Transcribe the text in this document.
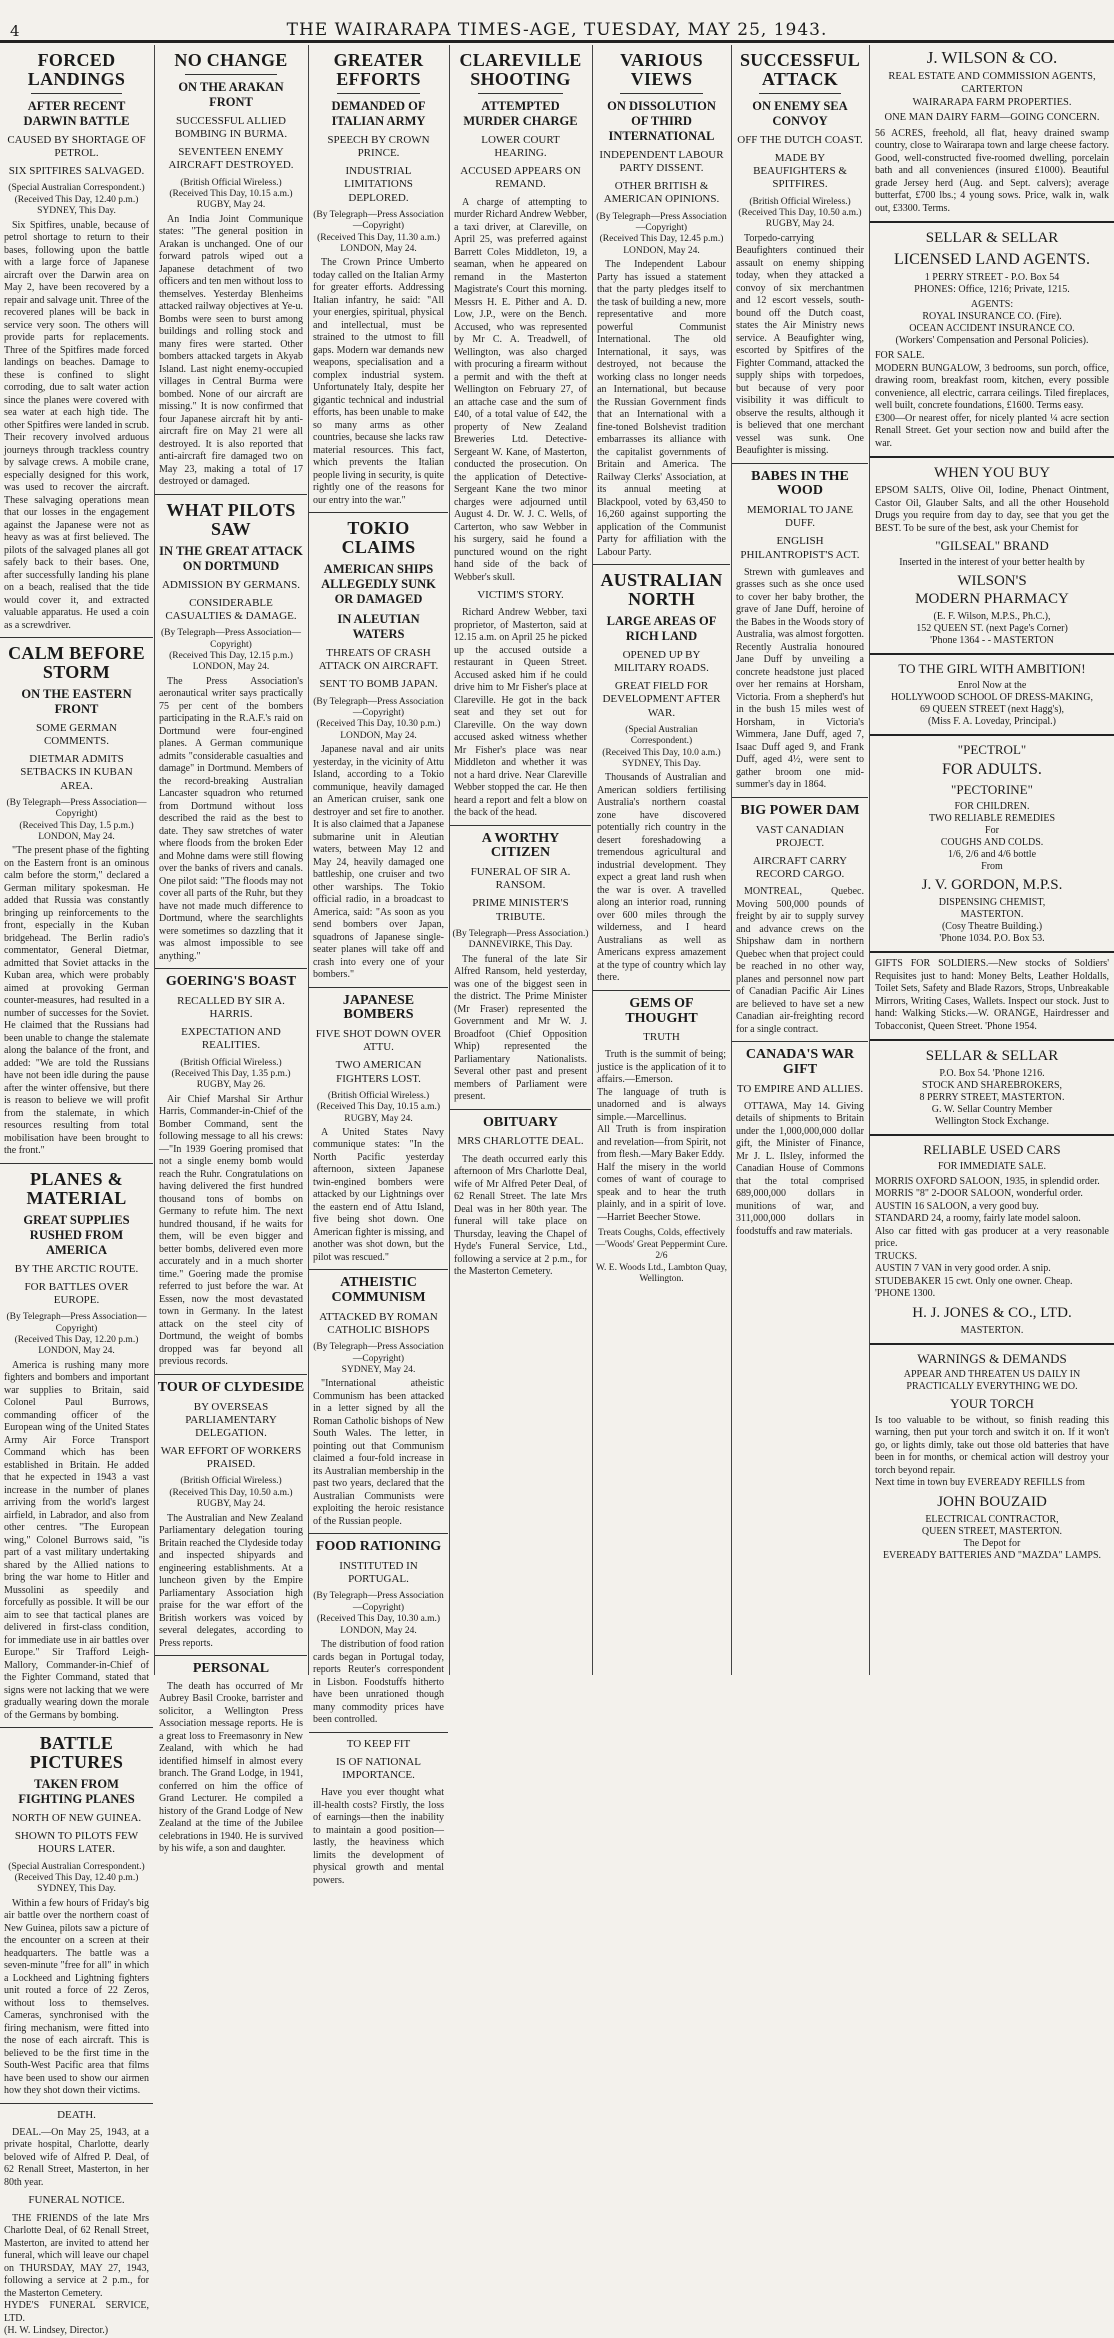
4	THE WAIRARAPA TIMES-AGE, TUESDAY, MAY 25, 1943.
FORCED LANDINGS
AFTER RECENT DARWIN BATTLE
CAUSED BY SHORTAGE OF PETROL.
SIX SPITFIRES SALVAGED.
(Special Australian Correspondent.)
(Received This Day, 12.40 p.m.)
SYDNEY, This Day.
Six Spitfires, unable, because of petrol shortage to return to their bases, following upon the battle with a large force of Japanese aircraft over the Darwin area on May 2, have been recovered by a repair and salvage unit. Three of the recovered planes will be back in service very soon. The others will provide parts for replacements. Three of the Spitfires made forced landings on beaches. Damage to these is confined to slight corroding, due to salt water action since the planes were covered with sea water at each high tide. The other Spitfires were landed in scrub. Their recovery involved arduous journeys through trackless country by salvage crews. A mobile crane, especially designed for this work, was used to recover the aircraft. These salvaging operations mean that our losses in the engagement against the Japanese were not as heavy as was at first believed. The pilots of the salvaged planes all got safely back to their bases. One, after successfully landing his plane on a beach, realised that the tide would cover it, and extracted valuable apparatus. He used a coin as a screwdriver.
CALM BEFORE STORM
ON THE EASTERN FRONT
SOME GERMAN COMMENTS.
DIETMAR ADMITS SETBACKS IN KUBAN AREA.
(By Telegraph—Press Association—Copyright)
(Received This Day, 1.5 p.m.)
LONDON, May 24.
"The present phase of the fighting on the Eastern front is an ominous calm before the storm," declared a German military spokesman. He added that Russia was constantly bringing up reinforcements to the front, especially in the Kuban bridgehead. The Berlin radio's commentator, General Dietmar, admitted that Soviet attacks in the Kuban area, which were probably aimed at provoking German counter-measures, had resulted in a number of successes for the Soviet. He claimed that the Russians had been unable to change the stalemate along the balance of the front, and added: "We are told the Russians have not been idle during the pause after the winter offensive, but there is reason to believe we will profit from the stalemate, in which resources resulting from total mobilisation have been brought to the front."
PLANES & MATERIAL
GREAT SUPPLIES RUSHED FROM AMERICA
BY THE ARCTIC ROUTE.
FOR BATTLES OVER EUROPE.
(By Telegraph—Press Association—Copyright)
(Received This Day, 12.20 p.m.)
LONDON, May 24.
America is rushing many more fighters and bombers and important war supplies to Britain, said Colonel Paul Burrows, commanding officer of the European wing of the United States Army Air Force Transport Command which has been established in Britain. He added that he expected in 1943 a vast increase in the number of planes arriving from the world's largest airfield, in Labrador, and also from other centres. "The European wing," Colonel Burrows said, "is part of a vast military undertaking shared by the Allied nations to bring the war home to Hitler and Mussolini as speedily and forcefully as possible. It will be our aim to see that tactical planes are delivered in first-class condition, for immediate use in air battles over Europe." Sir Trafford Leigh-Mallory, Commander-in-Chief of the Fighter Command, stated that signs were not lacking that we were gradually wearing down the morale of the Germans by bombing.
BATTLE PICTURES
TAKEN FROM FIGHTING PLANES
NORTH OF NEW GUINEA.
SHOWN TO PILOTS FEW HOURS LATER.
(Special Australian Correspondent.)
(Received This Day, 12.40 p.m.)
SYDNEY, This Day.
Within a few hours of Friday's big air battle over the northern coast of New Guinea, pilots saw a picture of the encounter on a screen at their headquarters. The battle was a seven-minute "free for all" in which a Lockheed and Lightning fighters unit routed a force of 22 Zeros, without loss to themselves. Cameras, synchronised with the firing mechanism, were fitted into the nose of each aircraft. This is believed to be the first time in the South-West Pacific area that films have been used to show our airmen how they shot down their victims.
DEATH.
DEAL.—On May 25, 1943, at a private hospital, Charlotte, dearly beloved wife of Alfred P. Deal, of 62 Renall Street, Masterton, in her 80th year.
FUNERAL NOTICE.
THE FRIENDS of the late Mrs Charlotte Deal, of 62 Renall Street, Masterton, are invited to attend her funeral, which will leave our chapel on THURSDAY, MAY 27, 1943, following a service at 2 p.m., for the Masterton Cemetery.
HYDE'S FUNERAL SERVICE, LTD.
(H. W. Lindsey, Director.)
NO CHANGE
ON THE ARAKAN FRONT
SUCCESSFUL ALLIED BOMBING IN BURMA.
SEVENTEEN ENEMY AIRCRAFT DESTROYED.
(British Official Wireless.)
(Received This Day, 10.15 a.m.)
RUGBY, May 24.
An India Joint Communique states: "The general position in Arakan is unchanged. One of our forward patrols wiped out a Japanese detachment of two officers and ten men without loss to themselves. Yesterday Blenheims attacked railway objectives at Ye-u. Bombs were seen to burst among buildings and rolling stock and many fires were started. Other bombers attacked targets in Akyab Island. Last night enemy-occupied villages in Central Burma were bombed. None of our aircraft are missing." It is now confirmed that four Japanese aircraft hit by anti-aircraft fire on May 21 were all destroyed. It is also reported that anti-aircraft fire damaged two on May 23, making a total of 17 destroyed or damaged.
WHAT PILOTS SAW
IN THE GREAT ATTACK ON DORTMUND
ADMISSION BY GERMANS.
CONSIDERABLE CASUALTIES & DAMAGE.
(By Telegraph—Press Association—Copyright)
(Received This Day, 12.15 p.m.)
LONDON, May 24.
The Press Association's aeronautical writer says practically 75 per cent of the bombers participating in the R.A.F.'s raid on Dortmund were four-engined planes. A German communique admits "considerable casualties and damage" in Dortmund. Members of the record-breaking Australian Lancaster squadron who returned from Dortmund without loss described the raid as the best to date. They saw stretches of water where floods from the broken Eder and Mohne dams were still flowing over the banks of rivers and canals. One pilot said: "The floods may not cover all parts of the Ruhr, but they have not made much difference to Dortmund, where the searchlights were sometimes so dazzling that it was almost impossible to see anything."
GOERING'S BOAST
RECALLED BY SIR A. HARRIS.
EXPECTATION AND REALITIES.
(British Official Wireless.)
(Received This Day, 1.35 p.m.)
RUGBY, May 26.
Air Chief Marshal Sir Arthur Harris, Commander-in-Chief of the Bomber Command, sent the following message to all his crews:—"In 1939 Goering promised that not a single enemy bomb would reach the Ruhr. Congratulations on having delivered the first hundred thousand tons of bombs on Germany to refute him. The next hundred thousand, if he waits for them, will be even bigger and better bombs, delivered even more accurately and in a much shorter time." Goering made the promise referred to just before the war. At Essen, now the most devastated town in Germany. In the latest attack on the steel city of Dortmund, the weight of bombs dropped was far beyond all previous records.
TOUR OF CLYDESIDE
BY OVERSEAS PARLIAMENTARY DELEGATION.
WAR EFFORT OF WORKERS PRAISED.
(British Official Wireless.)
(Received This Day, 10.50 a.m.)
RUGBY, May 24.
The Australian and New Zealand Parliamentary delegation touring Britain reached the Clydeside today and inspected shipyards and engineering establishments. At a luncheon given by the Empire Parliamentary Association high praise for the war effort of the British workers was voiced by several delegates, according to Press reports.
PERSONAL
The death has occurred of Mr Aubrey Basil Crooke, barrister and solicitor, a Wellington Press Association message reports. He is a great loss to Freemasonry in New Zealand, with which he had identified himself in almost every branch. The Grand Lodge, in 1941, conferred on him the office of Grand Lecturer. He compiled a history of the Grand Lodge of New Zealand at the time of the Jubilee celebrations in 1940. He is survived by his wife, a son and daughter.
GREATER EFFORTS
DEMANDED OF ITALIAN ARMY
SPEECH BY CROWN PRINCE.
INDUSTRIAL LIMITATIONS DEPLORED.
(By Telegraph—Press Association—Copyright)
(Received This Day, 11.30 a.m.)
LONDON, May 24.
The Crown Prince Umberto today called on the Italian Army for greater efforts. Addressing Italian infantry, he said: "All your energies, spiritual, physical and intellectual, must be strained to the utmost to fill gaps. Modern war demands new weapons, specialisation and a complex industrial system. Unfortunately Italy, despite her gigantic technical and industrial efforts, has been unable to make so many arms as other countries, because she lacks raw material resources. This fact, which prevents the Italian people living in security, is quite rightly one of the reasons for our entry into the war."
TOKIO CLAIMS
AMERICAN SHIPS ALLEGEDLY SUNK OR DAMAGED
IN ALEUTIAN WATERS
THREATS OF CRASH ATTACK ON AIRCRAFT.
SENT TO BOMB JAPAN.
(By Telegraph—Press Association—Copyright)
(Received This Day, 10.30 p.m.)
LONDON, May 24.
Japanese naval and air units yesterday, in the vicinity of Attu Island, according to a Tokio communique, heavily damaged an American cruiser, sank one destroyer and set fire to another. It is also claimed that a Japanese submarine unit in Aleutian waters, between May 12 and May 24, heavily damaged one battleship, one cruiser and two other warships. The Tokio official radio, in a broadcast to America, said: "As soon as you send bombers over Japan, squadrons of Japanese single-seater planes will take off and crash into every one of your bombers."
JAPANESE BOMBERS
FIVE SHOT DOWN OVER ATTU.
TWO AMERICAN FIGHTERS LOST.
(British Official Wireless.)
(Received This Day, 10.15 a.m.)
RUGBY, May 24.
A United States Navy communique states: "In the North Pacific yesterday afternoon, sixteen Japanese twin-engined bombers were attacked by our Lightnings over the eastern end of Attu Island, five being shot down. One American fighter is missing, and another was shot down, but the pilot was rescued."
ATHEISTIC COMMUNISM
ATTACKED BY ROMAN CATHOLIC BISHOPS
(By Telegraph—Press Association—Copyright)
SYDNEY, May 24.
"International atheistic Communism has been attacked in a letter signed by all the Roman Catholic bishops of New South Wales. The letter, in pointing out that Communism claimed a four-fold increase in its Australian membership in the past two years, declared that the Australian Communists were exploiting the heroic resistance of the Russian people.
FOOD RATIONING
INSTITUTED IN PORTUGAL.
(By Telegraph—Press Association—Copyright)
(Received This Day, 10.30 a.m.)
LONDON, May 24.
The distribution of food ration cards began in Portugal today, reports Reuter's correspondent in Lisbon. Foodstuffs hitherto have been unrationed though many commodity prices have been controlled.
TO KEEP FIT
IS OF NATIONAL IMPORTANCE.
Have you ever thought what ill-health costs? Firstly, the loss of earnings—then the inability to maintain a good position—lastly, the heaviness which limits the development of physical growth and mental powers.
CLAREVILLE SHOOTING
ATTEMPTED MURDER CHARGE
LOWER COURT HEARING.
ACCUSED APPEARS ON REMAND.
A charge of attempting to murder Richard Andrew Webber, a taxi driver, at Clareville, on April 25, was preferred against Barrett Coles Middleton, 19, a seaman, when he appeared on remand in the Masterton Magistrate's Court this morning. Messrs H. E. Pither and A. D. Low, J.P., were on the Bench. Accused, who was represented by Mr C. A. Treadwell, of Wellington, was also charged with procuring a firearm without a permit and with the theft at Wellington on February 27, of an attache case and the sum of £40, of a total value of £42, the property of New Zealand Breweries Ltd. Detective-Sergeant W. Kane, of Masterton, conducted the prosecution. On the application of Detective-Sergeant Kane the two minor charges were adjourned until August 4. Dr. W. J. C. Wells, of Carterton, who saw Webber in his surgery, said he found a punctured wound on the right hand side of the back of Webber's skull.
VICTIM'S STORY.
Richard Andrew Webber, taxi proprietor, of Masterton, said at 12.15 a.m. on April 25 he picked up the accused outside a restaurant in Queen Street. Accused asked him if he could drive him to Mr Fisher's place at Clareville. He got in the back seat and they set out for Clareville. On the way down accused asked witness whether Mr Fisher's place was near Middleton and whether it was not a hard drive. Near Clareville Webber stopped the car. He then heard a report and felt a blow on the back of the head.
A WORTHY CITIZEN
FUNERAL OF SIR A. RANSOM.
PRIME MINISTER'S TRIBUTE.
(By Telegraph—Press Association.)
DANNEVIRKE, This Day.
The funeral of the late Sir Alfred Ransom, held yesterday, was one of the biggest seen in the district. The Prime Minister (Mr Fraser) represented the Government and Mr W. J. Broadfoot (Chief Opposition Whip) represented the Parliamentary Nationalists. Several other past and present members of Parliament were present.
OBITUARY
MRS CHARLOTTE DEAL.
The death occurred early this afternoon of Mrs Charlotte Deal, wife of Mr Alfred Peter Deal, of 62 Renall Street. The late Mrs Deal was in her 80th year. The funeral will take place on Thursday, leaving the Chapel of Hyde's Funeral Service, Ltd., following a service at 2 p.m., for the Masterton Cemetery.
VARIOUS VIEWS
ON DISSOLUTION OF THIRD INTERNATIONAL
INDEPENDENT LABOUR PARTY DISSENT.
OTHER BRITISH & AMERICAN OPINIONS.
(By Telegraph—Press Association—Copyright)
(Received This Day, 12.45 p.m.)
LONDON, May 24.
The Independent Labour Party has issued a statement that the party pledges itself to the task of building a new, more representative and more powerful Communist International. The old International, it says, was destroyed, not because the working class no longer needs an International, but because the Russian Government finds that an International with a fine-toned Bolshevist tradition embarrasses its alliance with the capitalist governments of Britain and America. The Railway Clerks' Association, at its annual meeting at Blackpool, voted by 63,450 to 16,260 against supporting the application of the Communist Party for affiliation with the Labour Party.
AUSTRALIAN NORTH
LARGE AREAS OF RICH LAND
OPENED UP BY MILITARY ROADS.
GREAT FIELD FOR DEVELOPMENT AFTER WAR.
(Special Australian Correspondent.)
(Received This Day, 10.0 a.m.)
SYDNEY, This Day.
Thousands of Australian and American soldiers fertilising Australia's northern coastal zone have discovered potentially rich country in the desert foreshadowing a tremendous agricultural and industrial development. They expect a great land rush when the war is over. A travelled along an interior road, running over 600 miles through the wilderness, and I heard Australians as well as Americans express amazement at the type of country which lay there.
GEMS OF THOUGHT
TRUTH
Truth is the summit of being; justice is the application of it to affairs.—Emerson.
The language of truth is unadorned and is always simple.—Marcellinus.
All Truth is from inspiration and revelation—from Spirit, not from flesh.—Mary Baker Eddy.
Half the misery in the world comes of want of courage to speak and to hear the truth plainly, and in a spirit of love.—Harriet Beecher Stowe.
Treats Coughs, Colds, effectively—'Woods' Great Peppermint Cure. 2/6
W. E. Woods Ltd., Lambton Quay, Wellington.
SUCCESSFUL ATTACK
ON ENEMY SEA CONVOY
OFF THE DUTCH COAST.
MADE BY BEAUFIGHTERS & SPITFIRES.
(British Official Wireless.)
(Received This Day, 10.50 a.m.)
RUGBY, May 24.
Torpedo-carrying Beaufighters continued their assault on enemy shipping today, when they attacked a convoy of six merchantmen and 12 escort vessels, south-bound off the Dutch coast, states the Air Ministry news service. A Beaufighter wing, escorted by Spitfires of the Fighter Command, attacked the supply ships with torpedoes, but because of very poor visibility it was difficult to observe the results, although it is believed that one merchant vessel was sunk. One Beaufighter is missing.
BABES IN THE WOOD
MEMORIAL TO JANE DUFF.
ENGLISH PHILANTROPIST'S ACT.
Strewn with gumleaves and grasses such as she once used to cover her baby brother, the grave of Jane Duff, heroine of the Babes in the Woods story of Australia, was almost forgotten. Recently Australia honoured Jane Duff by unveiling a concrete headstone just placed over her remains at Horsham, Victoria. From a shepherd's hut in the bush 15 miles west of Horsham, in Victoria's Wimmera, Jane Duff, aged 7, Isaac Duff aged 9, and Frank Duff, aged 4½, were sent to gather broom one mid-summer's day in 1864.
BIG POWER DAM
VAST CANADIAN PROJECT.
AIRCRAFT CARRY RECORD CARGO.
MONTREAL, Quebec. Moving 500,000 pounds of freight by air to supply survey and advance crews on the Shipshaw dam in northern Quebec when that project could be reached in no other way, planes and personnel now part of Canadian Pacific Air Lines are believed to have set a new Canadian air-freighting record for a single contract.
CANADA'S WAR GIFT
TO EMPIRE AND ALLIES.
OTTAWA, May 14. Giving details of shipments to Britain under the 1,000,000,000 dollar gift, the Minister of Finance, Mr J. L. Ilsley, informed the Canadian House of Commons that the total comprised 689,000,000 dollars in munitions of war, and 311,000,000 dollars in foodstuffs and raw materials.
J. WILSON & CO.
REAL ESTATE AND COMMISSION AGENTS,
CARTERTON
WAIRARAPA FARM PROPERTIES.
ONE MAN DAIRY FARM—GOING CONCERN.
56 ACRES, freehold, all flat, heavy drained swamp country, close to Wairarapa town and large cheese factory. Good, well-constructed five-roomed dwelling, porcelain bath and all conveniences (insured £1000). Beautiful grade Jersey herd (Aug. and Sept. calvers); average butterfat, £700 lbs.; 4 young sows. Price, walk in, walk out, £3300. Terms.
SELLAR & SELLAR
LICENSED LAND AGENTS.
1 PERRY STREET - P.O. Box 54
PHONES: Office, 1216; Private, 1215.
AGENTS:
ROYAL INSURANCE CO. (Fire).
OCEAN ACCIDENT INSURANCE CO.
(Workers' Compensation and Personal Policies).
FOR SALE.
MODERN BUNGALOW, 3 bedrooms, sun porch, office, drawing room, breakfast room, kitchen, every possible convenience, all electric, carrara ceilings. Tiled fireplaces, well built, concrete foundations, £1600. Terms easy.
£300—Or nearest offer, for nicely planted ¼ acre section Renall Street. Get your section now and build after the war.
WHEN YOU BUY
EPSOM SALTS, Olive Oil, Iodine, Phenact Ointment, Castor Oil, Glauber Salts, and all the other Household Drugs you require from day to day, see that you get the BEST. To be sure of the best, ask your Chemist for
"GILSEAL" BRAND
Inserted in the interest of your better health by
WILSON'S
MODERN PHARMACY
(E. F. Wilson, M.P.S., Ph.C.),
152 QUEEN ST. (next Page's Corner)
'Phone 1364 - - MASTERTON
TO THE GIRL WITH AMBITION!
Enrol Now at the
HOLLYWOOD SCHOOL OF DRESS-MAKING,
69 QUEEN STREET (next Hagg's),
(Miss F. A. Loveday, Principal.)
"PECTROL"
FOR ADULTS.
"PECTORINE"
FOR CHILDREN.
TWO RELIABLE REMEDIES
For
COUGHS AND COLDS.
1/6, 2/6 and 4/6 bottle
From
J. V. GORDON, M.P.S.
DISPENSING CHEMIST,
MASTERTON.
(Cosy Theatre Building.)
'Phone 1034. P.O. Box 53.
GIFTS FOR SOLDIERS.—New stocks of Soldiers' Requisites just to hand: Money Belts, Leather Holdalls, Toilet Sets, Safety and Blade Razors, Strops, Unbreakable Mirrors, Writing Cases, Wallets. Inspect our stock. Just to hand: Walking Sticks.—W. ORANGE, Hairdresser and Tobacconist, Queen Street. 'Phone 1954.
SELLAR & SELLAR
P.O. Box 54. 'Phone 1216.
STOCK AND SHAREBROKERS,
8 PERRY STREET, MASTERTON.
G. W. Sellar Country Member
Wellington Stock Exchange.
RELIABLE USED CARS
FOR IMMEDIATE SALE.
MORRIS OXFORD SALOON, 1935, in splendid order.
MORRIS "8" 2-DOOR SALOON, wonderful order.
AUSTIN 16 SALOON, a very good buy.
STANDARD 24, a roomy, fairly late model saloon.
Also car fitted with gas producer at a very reasonable price.
TRUCKS.
AUSTIN 7 VAN in very good order. A snip.
STUDEBAKER 15 cwt. Only one owner. Cheap.
'PHONE 1300.
H. J. JONES & CO., LTD.
MASTERTON.
WARNINGS & DEMANDS
APPEAR AND THREATEN US DAILY IN PRACTICALLY EVERYTHING WE DO.
YOUR TORCH
Is too valuable to be without, so finish reading this warning, then put your torch and switch it on. If it won't go, or lights dimly, take out those old batteries that have been in for months, or chemical action will destroy your torch beyond repair.
Next time in town buy EVEREADY REFILLS from
JOHN BOUZAID
ELECTRICAL CONTRACTOR,
QUEEN STREET, MASTERTON.
The Depot for
EVEREADY BATTERIES AND "MAZDA" LAMPS.
